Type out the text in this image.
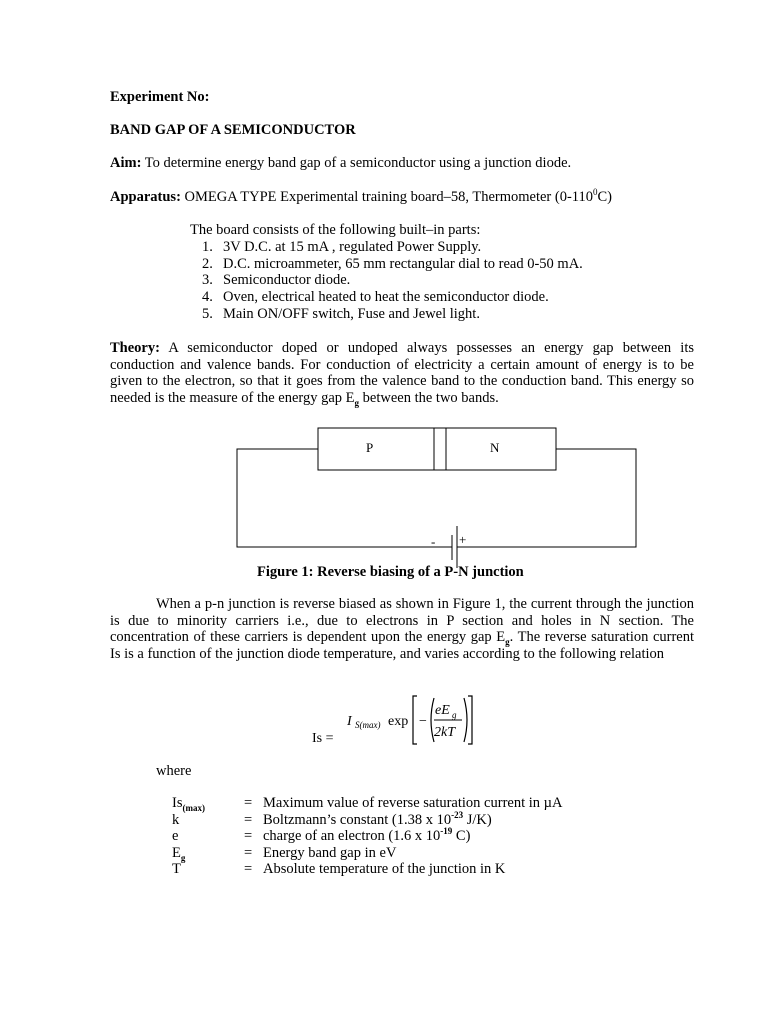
Experiment No:
BAND GAP OF A SEMICONDUCTOR
Aim: To determine energy band gap of a semiconductor using a junction diode.
Apparatus: OMEGA TYPE Experimental training board–58, Thermometer $(0-110^0C)$
The board consists of the following built–in parts:
1. 3V D.C. at 15 mA , regulated Power Supply.
2. D.C. microammeter, 65 mm rectangular dial to read 0-50 mA.
3. Semiconductor diode.
4. Oven, electrical heated to heat the semiconductor diode.
5. Main ON/OFF switch, Fuse and Jewel light.
Theory: A semiconductor doped or undoped always possesses an energy gap between its conduction and valence bands. For conduction of electricity a certain amount of energy is to be given to the electron, so that it goes from the valence band to the conduction band. This energy so needed is the measure of the energy gap $E_g$ between the two bands.
P	N
- +
Figure 1: Reverse biasing of a P-N junction
When a p-n junction is reverse biased as shown in Figure 1, the current through the junction is due to minority carriers i.e., due to electrons in P section and holes in N section. The concentration of these carriers is dependent upon the energy gap $E_g$. The reverse saturation current Is is a function of the junction diode temperature, and varies according to the following relation
Is =
I S(max) exp −
eE g
2kT
where
$Is_{(max)}$	= Maximum value of reverse saturation current in µA
k	= Boltzmann’s constant (1.38 x $10^{-23}$ J/K)
e	= charge of an electron (1.6 x $10^{-19}$ C)
$E_g$	= Energy band gap in eV
T	= Absolute temperature of the junction in K
